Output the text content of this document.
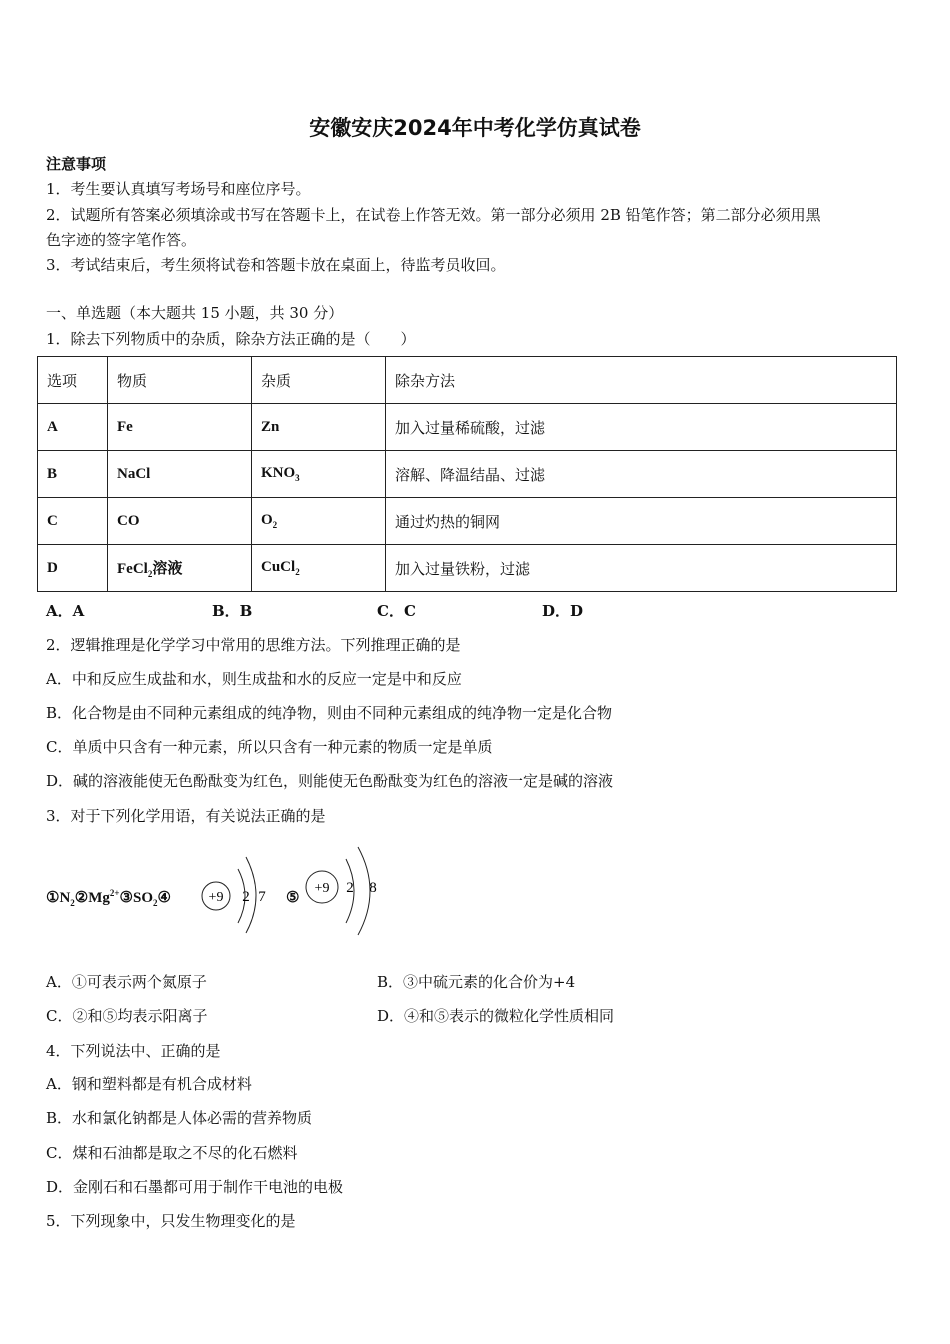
安徽安庆2024年中考化学仿真试卷
注意事项
1．考生要认真填写考场号和座位序号。
2．试题所有答案必须填涂或书写在答题卡上，在试卷上作答无效。第一部分必须用 2B 铅笔作答；第二部分必须用黑
色字迹的签字笔作答。
3．考试结束后，考生须将试卷和答题卡放在桌面上，待监考员收回。
一、单选题（本大题共 15 小题，共 30 分）
1．除去下列物质中的杂质，除杂方法正确的是（　　）
选项	物质	杂质	除杂方法
A	Fe	Zn	加入过量稀硫酸，过滤
B	NaCl	$KNO_3$	溶解、降温结晶、过滤
C	CO	$O_2$	通过灼热的铜网
D	FeCl$_2$溶液	CuCl$_2$	加入过量铁粉，过滤
A．A	B．B	C．C	D．D
2．逻辑推理是化学学习中常用的思维方法。下列推理正确的是
A．中和反应生成盐和水，则生成盐和水的反应一定是中和反应
B．化合物是由不同种元素组成的纯净物，则由不同种元素组成的纯净物一定是化合物
C．单质中只含有一种元素，所以只含有一种元素的物质一定是单质
D．碱的溶液能使无色酚酞变为红色，则能使无色酚酞变为红色的溶液一定是碱的溶液
3．对于下列化学用语，有关说法正确的是
$①N_2②Mg^{2+}③SO_2④$	⑤
+9 2 7
+9 2 8
A．①可表示两个氮原子	B．③中硫元素的化合价为+4
C．②和⑤均表示阳离子	D．④和⑤表示的微粒化学性质相同
4．下列说法中、正确的是
A．钢和塑料都是有机合成材料
B．水和氯化钠都是人体必需的营养物质
C．煤和石油都是取之不尽的化石燃料
D．金刚石和石墨都可用于制作干电池的电极
5．下列现象中，只发生物理变化的是
